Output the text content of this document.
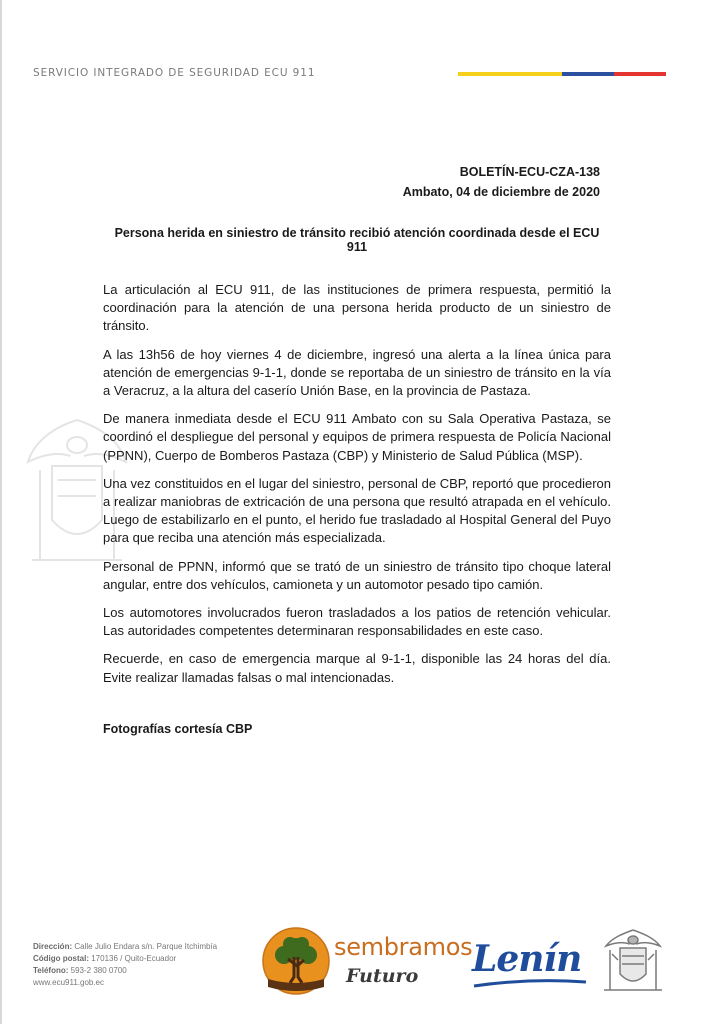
SERVICIO INTEGRADO DE SEGURIDAD ECU 911
BOLETÍN-ECU-CZA-138
Ambato, 04 de diciembre de 2020
Persona herida en siniestro de tránsito recibió atención coordinada desde el ECU 911

La articulación al ECU 911, de las instituciones de primera respuesta, permitió la coordinación para la atención de una persona herida producto de un siniestro de tránsito.

A las 13h56 de hoy viernes 4 de diciembre, ingresó una alerta a la línea única para atención de emergencias 9-1-1, donde se reportaba de un siniestro de tránsito en la vía a Veracruz, a la altura del caserío Unión Base, en la provincia de Pastaza.

De manera inmediata desde el ECU 911 Ambato con su Sala Operativa Pastaza, se coordinó el despliegue del personal y equipos de primera respuesta de Policía Nacional (PPNN), Cuerpo de Bomberos Pastaza (CBP) y Ministerio de Salud Pública (MSP).

Una vez constituidos en el lugar del siniestro, personal de CBP, reportó que procedieron a realizar maniobras de extricación de una persona que resultó atrapada en el vehículo. Luego de estabilizarlo en el punto, el herido fue trasladado al Hospital General del Puyo para que reciba una atención más especializada.

Personal de PPNN, informó que se trató de un siniestro de tránsito tipo choque lateral angular, entre dos vehículos, camioneta y un automotor pesado tipo camión.

Los automotores involucrados fueron trasladados a los patios de retención vehicular. Las autoridades competentes determinaran responsabilidades en este caso.

Recuerde, en caso de emergencia marque al 9-1-1, disponible las 24 horas del día. Evite realizar llamadas falsas o mal intencionadas.

Fotografías cortesía CBP
Dirección: Calle Julio Endara s/n. Parque Itchimbía
Código postal: 170136 / Quito-Ecuador
Teléfono: 593-2 380 0700
www.ecu911.gob.ec
sembramos
Futuro Lenín
